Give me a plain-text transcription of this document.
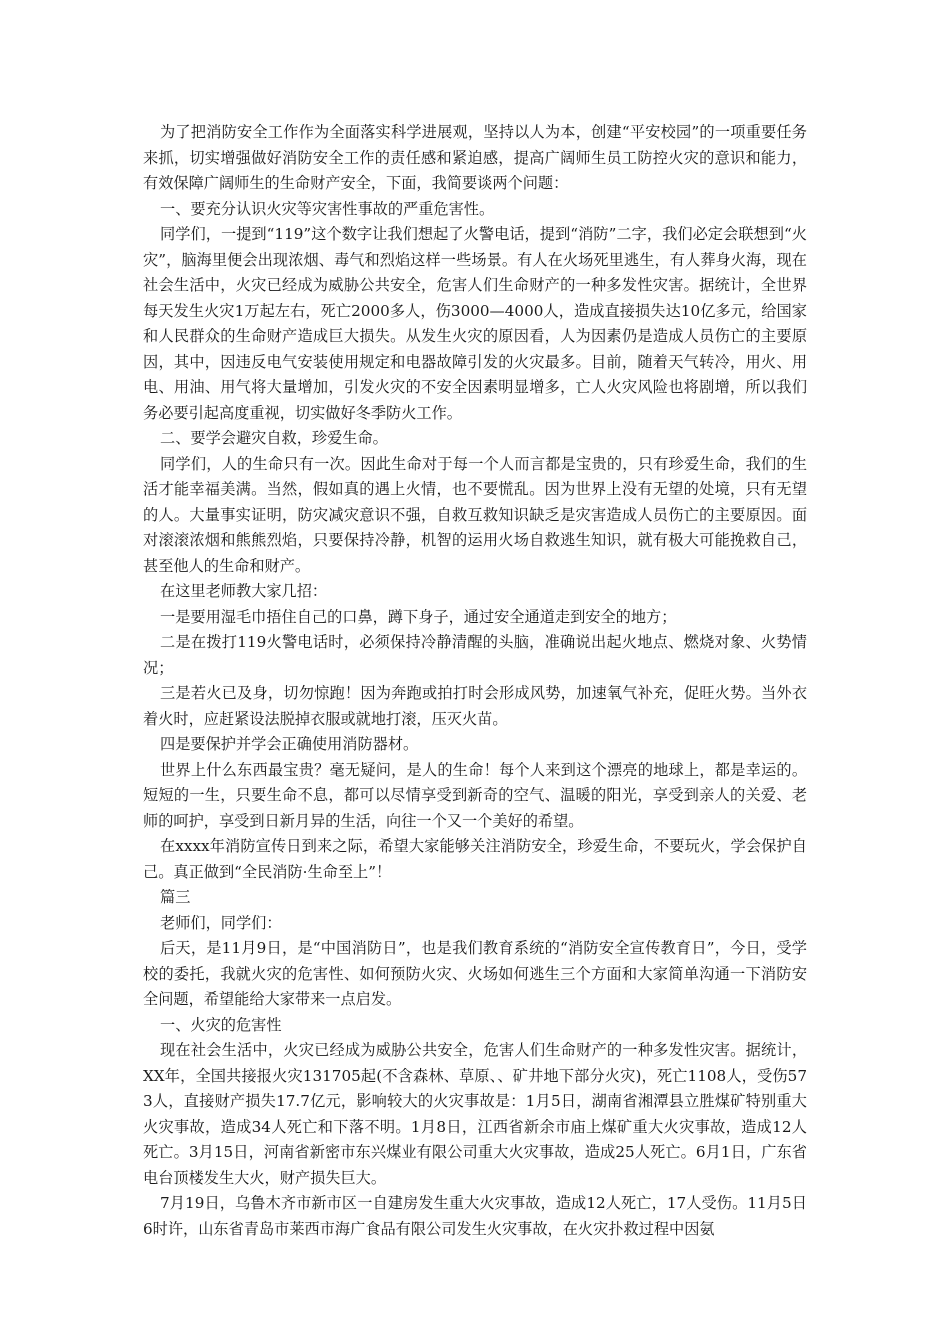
为了把消防安全工作作为全面落实科学进展观，坚持以人为本，创建“平安校园”的一项重要任务来抓，切实增强做好消防安全工作的责任感和紧迫感，提高广阔师生员工防控火灾的意识和能力，有效保障广阔师生的生命财产安全，下面，我简要谈两个问题：

一、要充分认识火灾等灾害性事故的严重危害性。

同学们，一提到“119”这个数字让我们想起了火警电话，提到“消防”二字，我们必定会联想到“火灾”，脑海里便会出现浓烟、毒气和烈焰这样一些场景。有人在火场死里逃生，有人葬身火海，现在社会生活中，火灾已经成为威胁公共安全，危害人们生命财产的一种多发性灾害。据统计，全世界每天发生火灾1万起左右，死亡2000多人，伤3000—4000人，造成直接损失达10亿多元，给国家和人民群众的生命财产造成巨大损失。从发生火灾的原因看，人为因素仍是造成人员伤亡的主要原因，其中，因违反电气安装使用规定和电器故障引发的火灾最多。目前，随着天气转冷，用火、用电、用油、用气将大量增加，引发火灾的不安全因素明显增多，亡人火灾风险也将剧增，所以我们务必要引起高度重视，切实做好冬季防火工作。

二、要学会避灾自救，珍爱生命。

同学们，人的生命只有一次。因此生命对于每一个人而言都是宝贵的，只有珍爱生命，我们的生活才能幸福美满。当然，假如真的遇上火情，也不要慌乱。因为世界上没有无望的处境，只有无望的人。大量事实证明，防灾减灾意识不强，自救互救知识缺乏是灾害造成人员伤亡的主要原因。面对滚滚浓烟和熊熊烈焰，只要保持冷静，机智的运用火场自救逃生知识，就有极大可能挽救自己，甚至他人的生命和财产。

在这里老师教大家几招：

一是要用湿毛巾捂住自己的口鼻，蹲下身子，通过安全通道走到安全的地方；

二是在拨打119火警电话时，必须保持冷静清醒的头脑，准确说出起火地点、燃烧对象、火势情况；

三是若火已及身，切勿惊跑！因为奔跑或拍打时会形成风势，加速氧气补充，促旺火势。当外衣着火时，应赶紧设法脱掉衣服或就地打滚，压灭火苗。

四是要保护并学会正确使用消防器材。

世界上什么东西最宝贵？毫无疑问，是人的生命！每个人来到这个漂亮的地球上，都是幸运的。短短的一生，只要生命不息，都可以尽情享受到新奇的空气、温暖的阳光，享受到亲人的关爱、老师的呵护，享受到日新月异的生活，向往一个又一个美好的希望。

在xxxx年消防宣传日到来之际，希望大家能够关注消防安全，珍爱生命，不要玩火，学会保护自己。真正做到“全民消防·生命至上”！

篇三

老师们，同学们：

后天，是11月9日，是“中国消防日”，也是我们教育系统的“消防安全宣传教育日”，今日，受学校的委托，我就火灾的危害性、如何预防火灾、火场如何逃生三个方面和大家简单沟通一下消防安全问题，希望能给大家带来一点启发。

一、火灾的危害性

现在社会生活中，火灾已经成为威胁公共安全，危害人们生命财产的一种多发性灾害。据统计，XX年，全国共接报火灾131705起(不含森林、草原、、矿井地下部分火灾)，死亡1108人，受伤573人，直接财产损失17.7亿元，影响较大的火灾事故是：1月5日，湖南省湘潭县立胜煤矿特别重大火灾事故，造成34人死亡和下落不明。1月8日，江西省新余市庙上煤矿重大火灾事故，造成12人死亡。3月15日，河南省新密市东兴煤业有限公司重大火灾事故，造成25人死亡。6月1日，广东省电台顶楼发生大火，财产损失巨大。

7月19日，乌鲁木齐市新市区一自建房发生重大火灾事故，造成12人死亡，17人受伤。11月5日6时许，山东省青岛市莱西市海广食品有限公司发生火灾事故，在火灾扑救过程中因氨
